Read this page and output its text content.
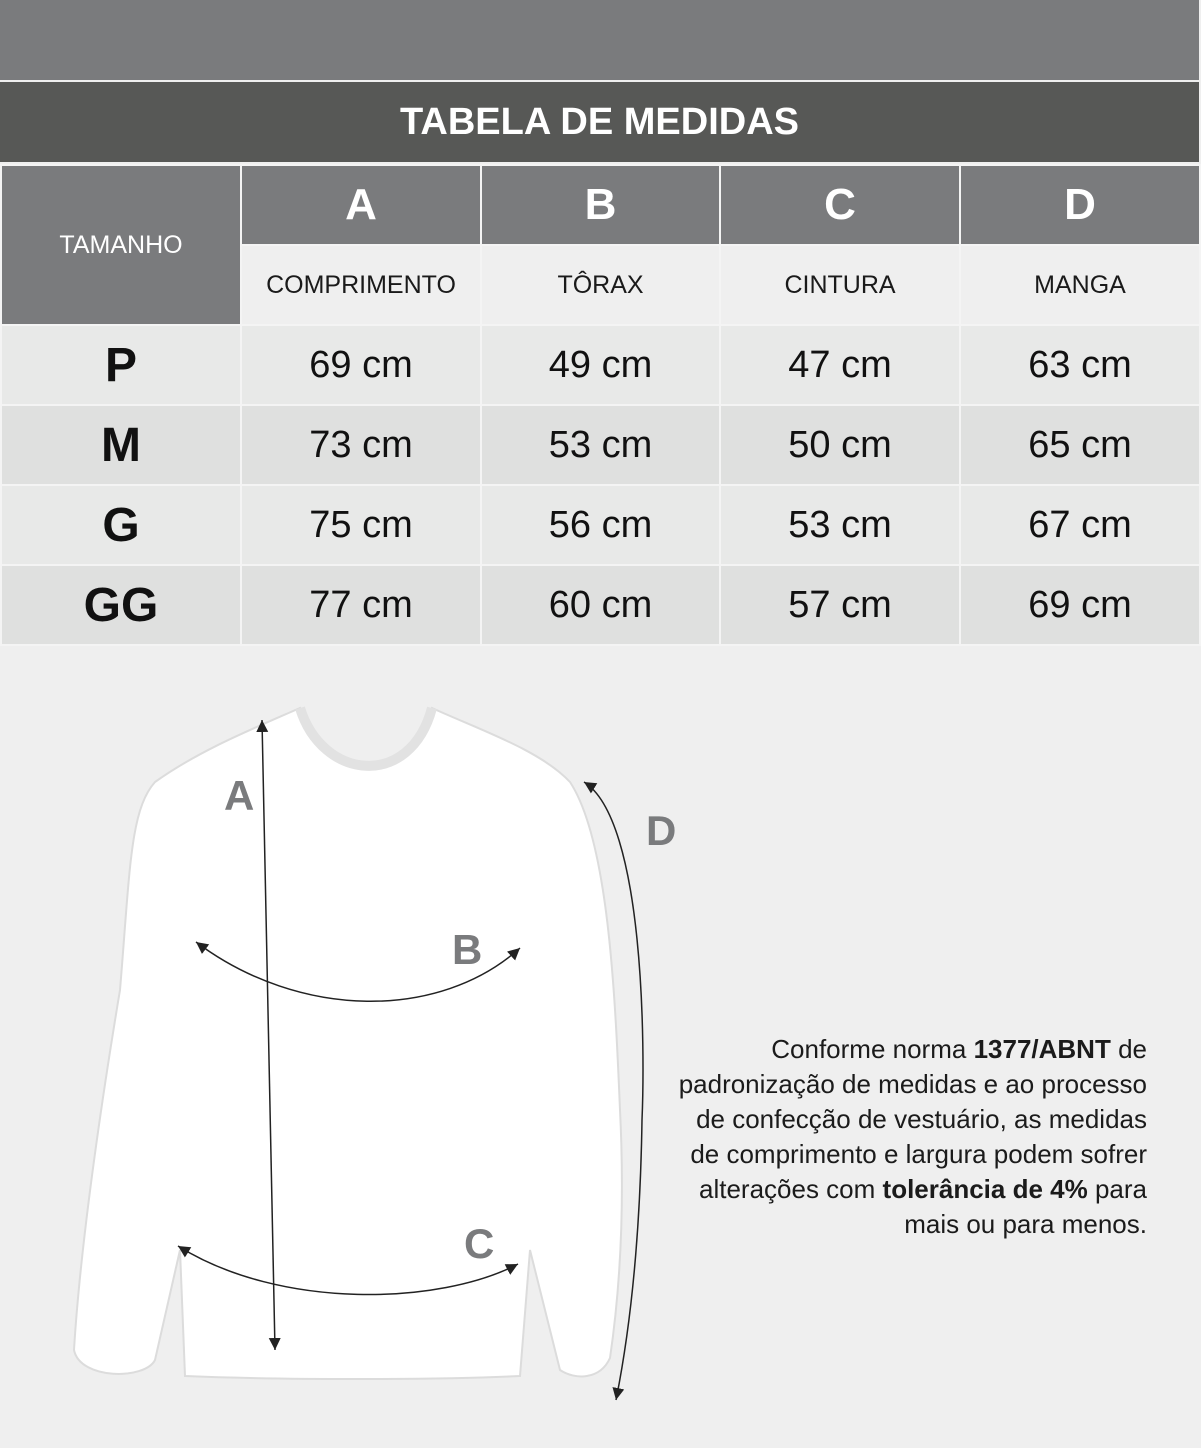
TABELA DE MEDIDAS
TAMANHO	A	B	C	D
	COMPRIMENTO	TÔRAX	CINTURA	MANGA
P	69 cm	49 cm	47 cm	63 cm
M	73 cm	53 cm	50 cm	65 cm
G	75 cm	56 cm	53 cm	67 cm
GG	77 cm	60 cm	57 cm	69 cm
A
B
C
D
Conforme norma 1377/ABNT de padronização de medidas e ao processo de confecção de vestuário, as medidas de comprimento e largura podem sofrer alterações com tolerância de 4% para mais ou para menos.
